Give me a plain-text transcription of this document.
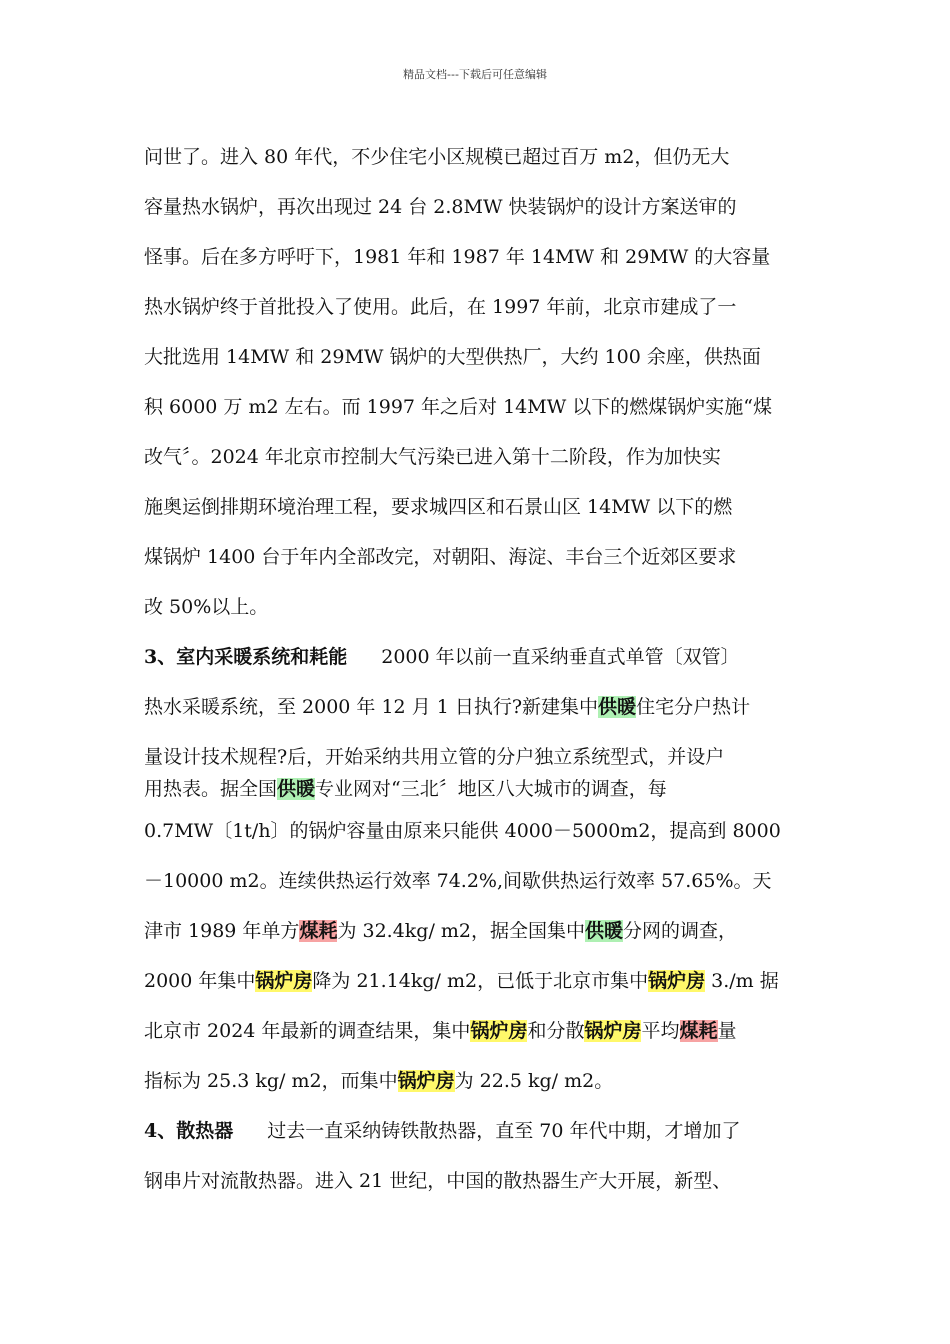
精品文档---下载后可任意编辑
问世了。进入 80 年代，不少住宅小区规模已超过百万 m2，但仍无大
容量热水锅炉，再次出现过 24 台 2.8MW 快装锅炉的设计方案送审的
怪事。后在多方呼吁下，1981 年和 1987 年 14MW 和 29MW 的大容量
热水锅炉终于首批投入了使用。此后，在 1997 年前，北京市建成了一
大批选用 14MW 和 29MW 锅炉的大型供热厂，大约 100 余座，供热面
积 6000 万 m2 左右。而 1997 年之后对 14MW 以下的燃煤锅炉实施“煤
改气〞。2024 年北京市控制大气污染已进入第十二阶段，作为加快实
施奥运倒排期环境治理工程，要求城四区和石景山区 14MW 以下的燃
煤锅炉 1400 台于年内全部改完，对朝阳、海淀、丰台三个近郊区要求
改 50%以上。
3、室内采暖系统和耗能 2000 年以前一直采纳垂直式单管〔双管〕
热水采暖系统，至 2000 年 12 月 1 日执行?新建集中供暖住宅分户热计
量设计技术规程?后，开始采纳共用立管的分户独立系统型式，并设户
用热表。据全国供暖专业网对“三北〞地区八大城市的调查，每
0.7MW〔1t/h〕的锅炉容量由原来只能供 4000－5000m2，提高到 8000
－10000 m2。连续供热运行效率 74.2%,间歇供热运行效率 57.65%。天
津市 1989 年单方煤耗为 32.4kg/ m2，据全国集中供暖分网的调查，
2000 年集中锅炉房降为 21.14kg/ m2，已低于北京市集中锅炉房 3./m 据
北京市 2024 年最新的调查结果，集中锅炉房和分散锅炉房平均煤耗量
指标为 25.3 kg/ m2，而集中锅炉房为 22.5 kg/ m2。
4、散热器 过去一直采纳铸铁散热器，直至 70 年代中期，才增加了
钢串片对流散热器。进入 21 世纪，中国的散热器生产大开展，新型、
